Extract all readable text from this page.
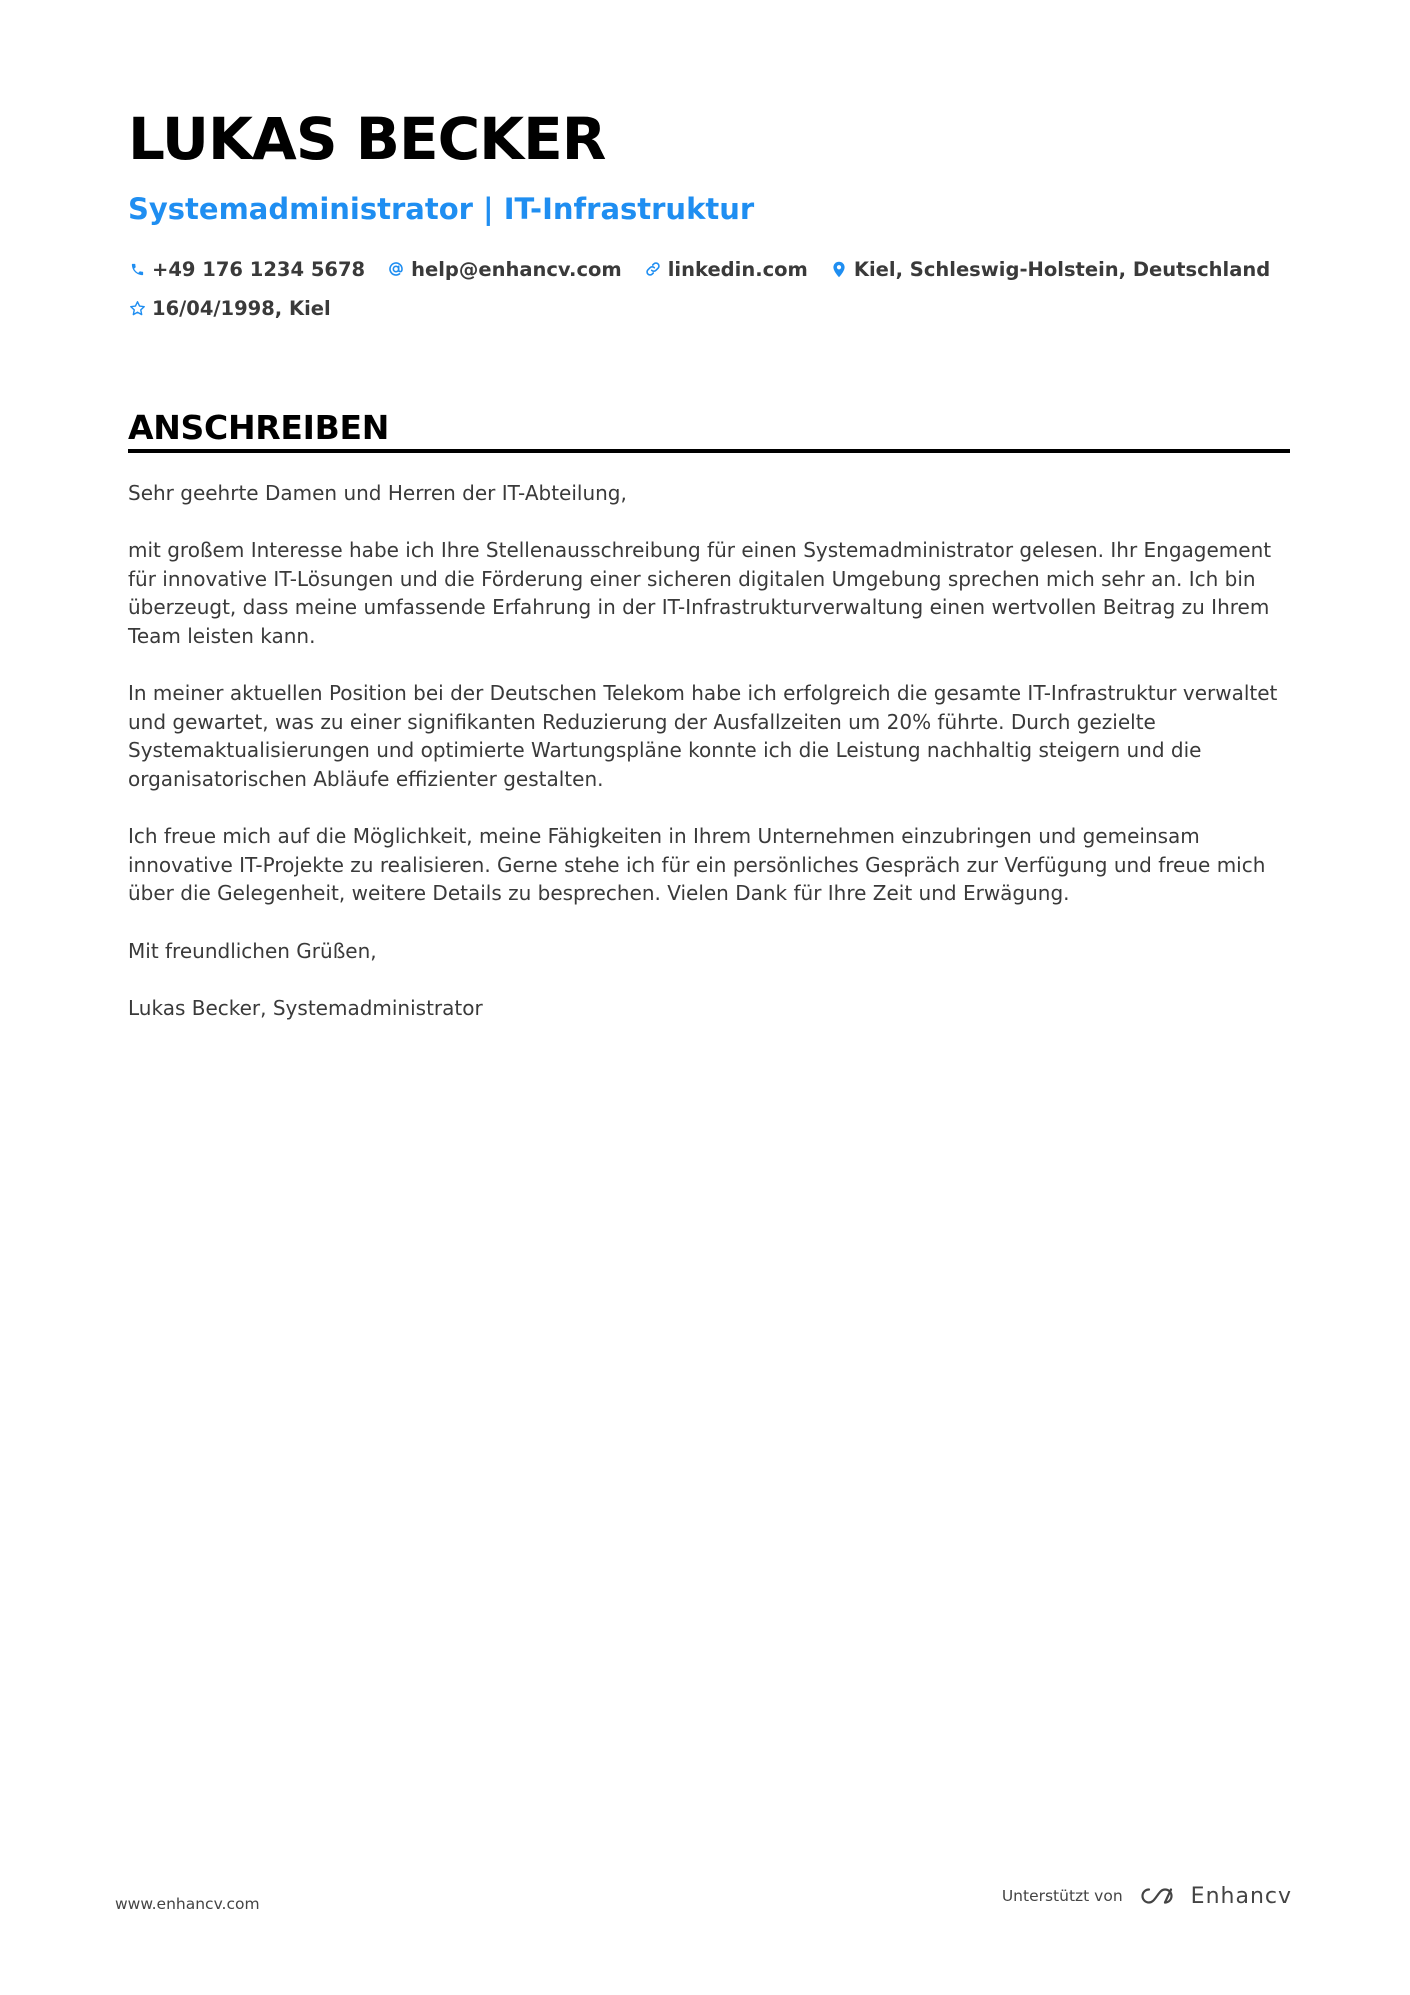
LUKAS BECKER
Systemadministrator | IT-Infrastruktur
+49 176 1234 5678 help@enhancv.com linkedin.com Kiel, Schleswig-Holstein, Deutschland
16/04/1998, Kiel
ANSCHREIBEN

Sehr geehrte Damen und Herren der IT-Abteilung,

mit großem Interesse habe ich Ihre Stellenausschreibung für einen Systemadministrator gelesen. Ihr Engagement für innovative IT-Lösungen und die Förderung einer sicheren digitalen Umgebung sprechen mich sehr an. Ich bin überzeugt, dass meine umfassende Erfahrung in der IT-Infrastrukturverwaltung einen wertvollen Beitrag zu Ihrem Team leisten kann.

In meiner aktuellen Position bei der Deutschen Telekom habe ich erfolgreich die gesamte IT-Infrastruktur verwaltet und gewartet, was zu einer signifikanten Reduzierung der Ausfallzeiten um 20% führte. Durch gezielte Systemaktualisierungen und optimierte Wartungspläne konnte ich die Leistung nachhaltig steigern und die organisatorischen Abläufe effizienter gestalten.

Ich freue mich auf die Möglichkeit, meine Fähigkeiten in Ihrem Unternehmen einzubringen und gemeinsam innovative IT-Projekte zu realisieren. Gerne stehe ich für ein persönliches Gespräch zur Verfügung und freue mich über die Gelegenheit, weitere Details zu besprechen. Vielen Dank für Ihre Zeit und Erwägung.

Mit freundlichen Grüßen,

Lukas Becker, Systemadministrator

www.enhancv.com	Unterstützt von	Enhancv
